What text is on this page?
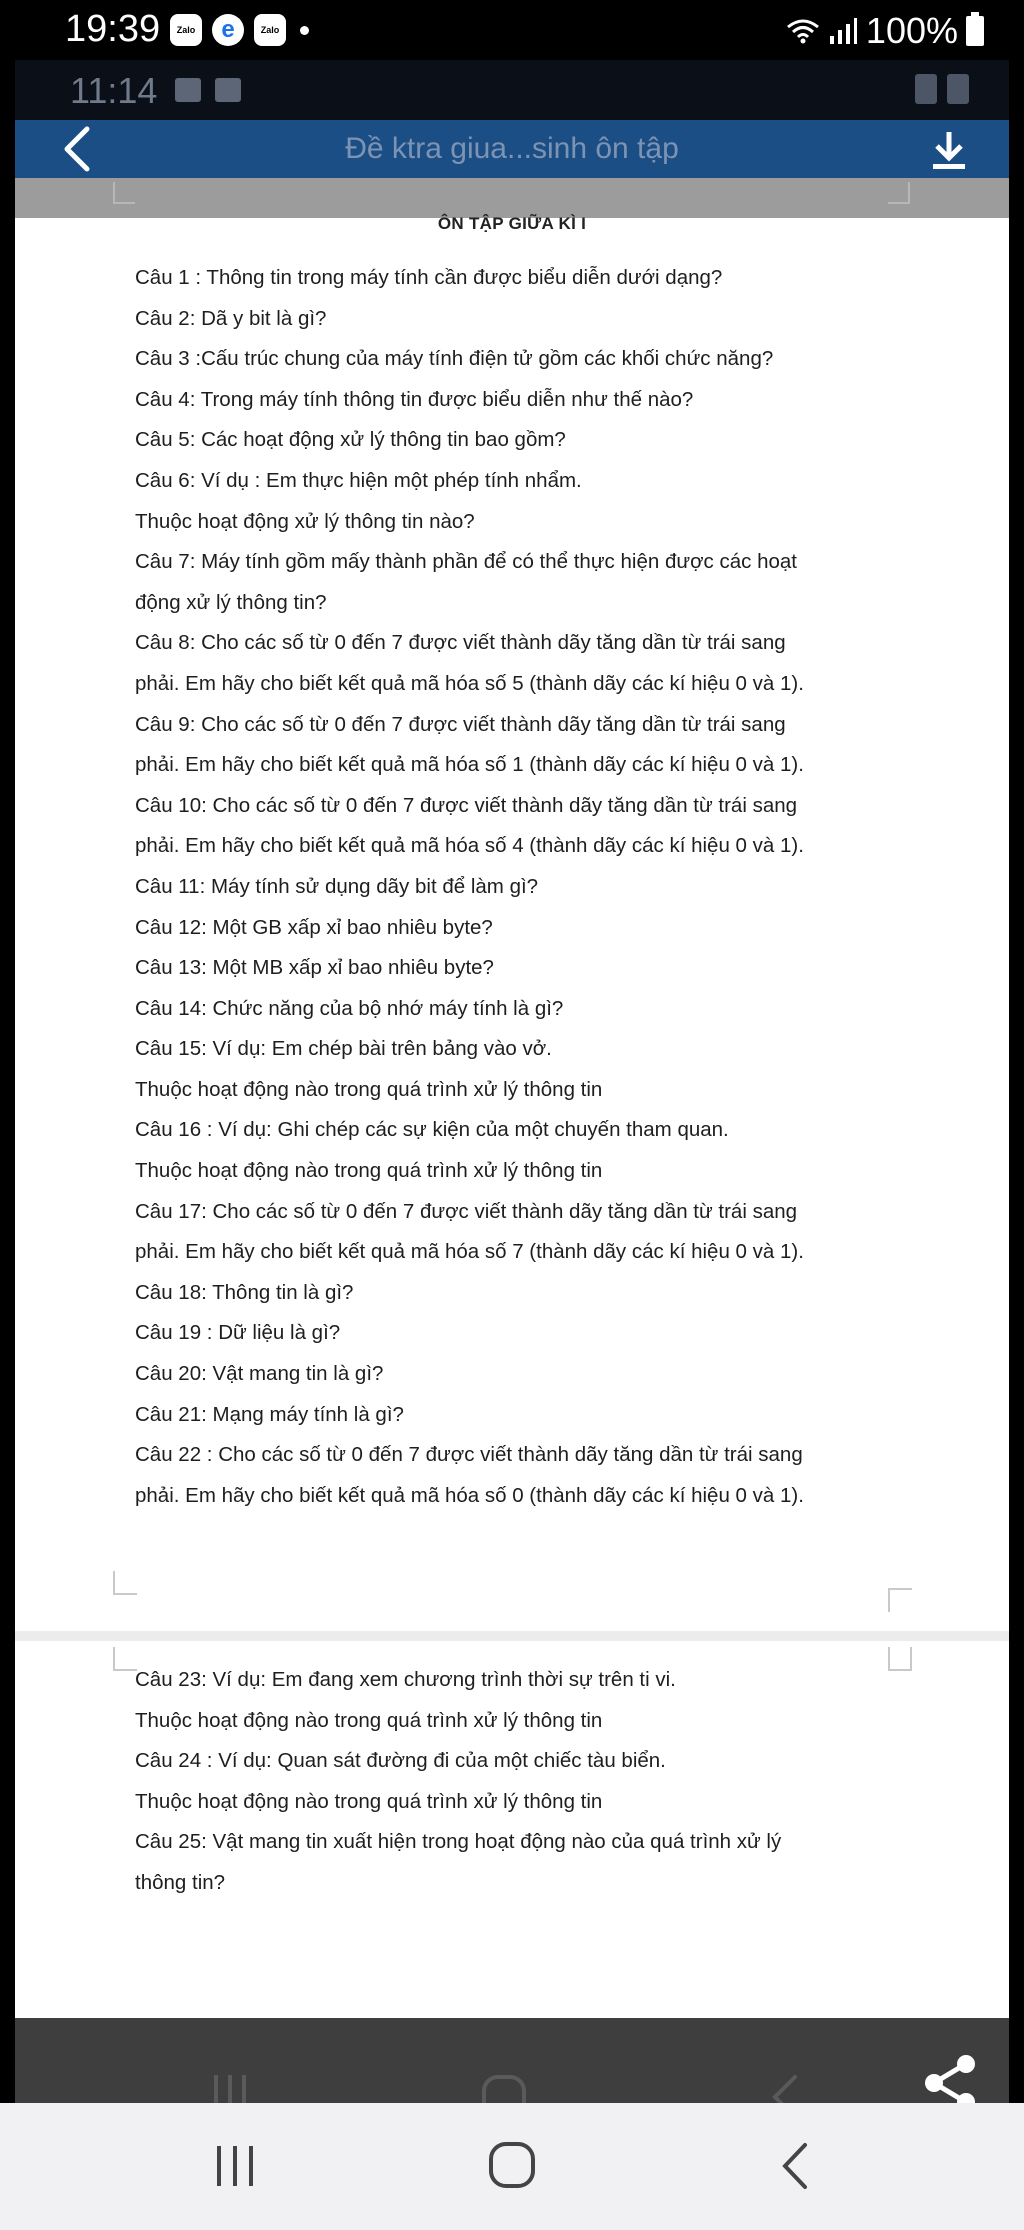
19:39	Zalo	e	Zalo	100%
11:14
Đề ktra giua...sinh ôn tập
ÔN TẬP GIỮA KÌ I
Câu 1 : Thông tin trong máy tính cần được biểu diễn dưới dạng?
Câu 2: Dã y bit là gì?
Câu 3 :Cấu trúc chung của máy tính điện tử gồm các khối chức năng?
Câu 4: Trong máy tính thông tin được biểu diễn như thế nào?
Câu 5: Các hoạt động xử lý thông tin bao gồm?
Câu 6: Ví dụ : Em thực hiện một phép tính nhẩm.
Thuộc hoạt động xử lý thông tin nào?
Câu 7: Máy tính gồm mấy thành phần để có thể thực hiện được các hoạt
động xử lý thông tin?
Câu 8: Cho các số từ 0 đến 7 được viết thành dãy tăng dần từ trái sang
phải. Em hãy cho biết kết quả mã hóa số 5 (thành dãy các kí hiệu 0 và 1).
Câu 9: Cho các số từ 0 đến 7 được viết thành dãy tăng dần từ trái sang
phải. Em hãy cho biết kết quả mã hóa số 1 (thành dãy các kí hiệu 0 và 1).
Câu 10: Cho các số từ 0 đến 7 được viết thành dãy tăng dần từ trái sang
phải. Em hãy cho biết kết quả mã hóa số 4 (thành dãy các kí hiệu 0 và 1).
Câu 11: Máy tính sử dụng dãy bit để làm gì?
Câu 12: Một GB xấp xỉ bao nhiêu byte?
Câu 13: Một MB xấp xỉ bao nhiêu byte?
Câu 14: Chức năng của bộ nhớ máy tính là gì?
Câu 15: Ví dụ: Em chép bài trên bảng vào vở.
Thuộc hoạt động nào trong quá trình xử lý thông tin
Câu 16 : Ví dụ: Ghi chép các sự kiện của một chuyến tham quan.
Thuộc hoạt động nào trong quá trình xử lý thông tin
Câu 17: Cho các số từ 0 đến 7 được viết thành dãy tăng dần từ trái sang
phải. Em hãy cho biết kết quả mã hóa số 7 (thành dãy các kí hiệu 0 và 1).
Câu 18: Thông tin là gì?
Câu 19 : Dữ liệu là gì?
Câu 20: Vật mang tin là gì?
Câu 21: Mạng máy tính là gì?
Câu 22 : Cho các số từ 0 đến 7 được viết thành dãy tăng dần từ trái sang
phải. Em hãy cho biết kết quả mã hóa số 0 (thành dãy các kí hiệu 0 và 1).
Câu 23: Ví dụ: Em đang xem chương trình thời sự trên ti vi.
Thuộc hoạt động nào trong quá trình xử lý thông tin
Câu 24 : Ví dụ: Quan sát đường đi của một chiếc tàu biển.
Thuộc hoạt động nào trong quá trình xử lý thông tin
Câu 25: Vật mang tin xuất hiện trong hoạt động nào của quá trình xử lý
thông tin?
